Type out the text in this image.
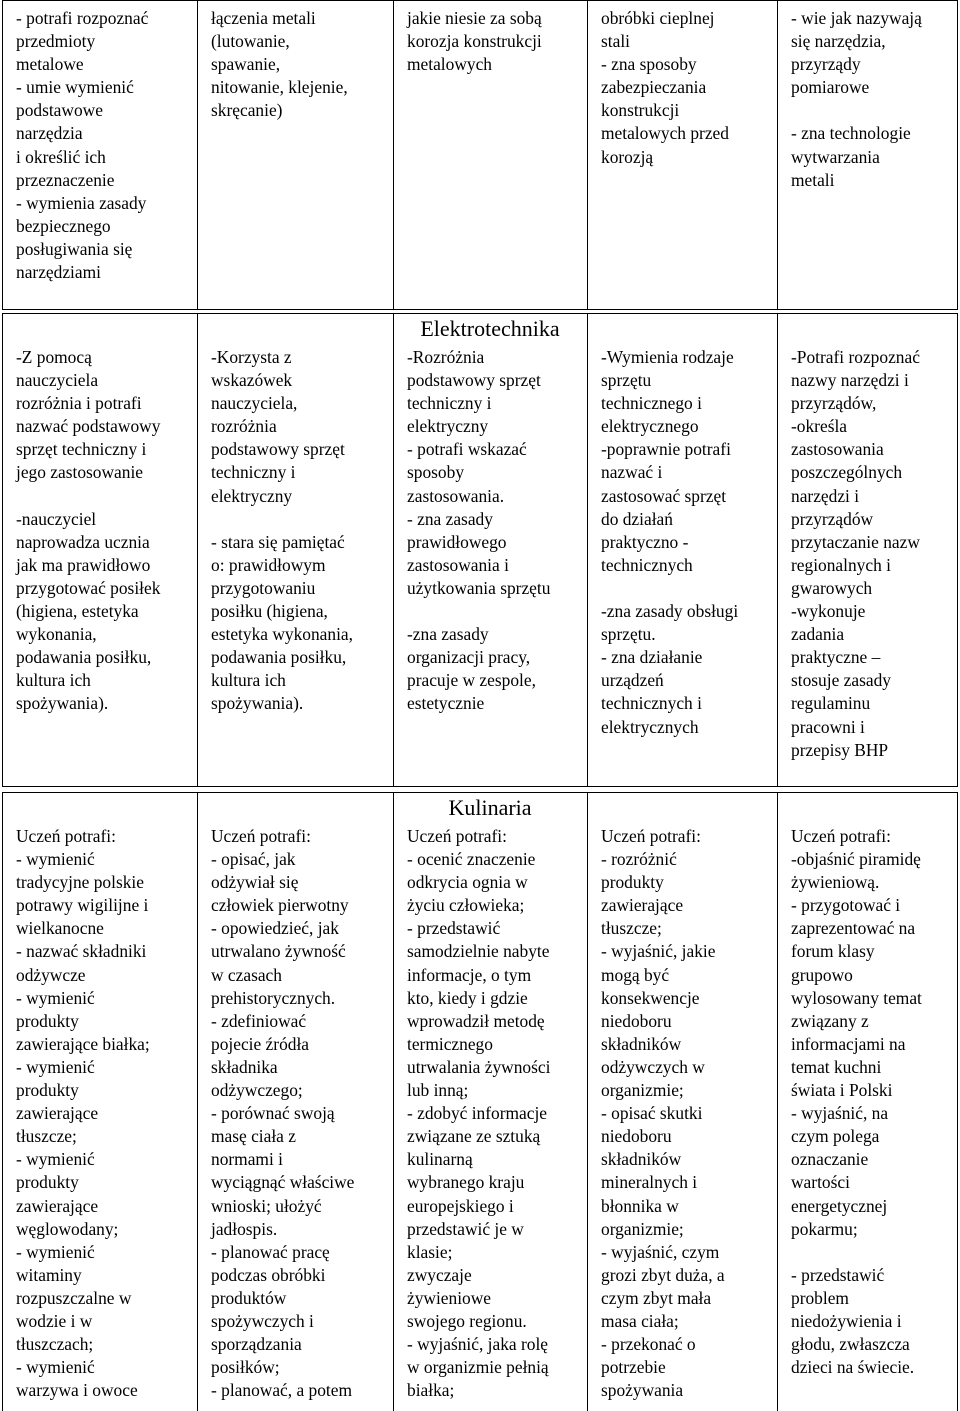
- potrafi rozpoznać
przedmioty
metalowe
- umie wymienić
podstawowe
narzędzia
i określić ich
przeznaczenie
- wymienia zasady
bezpiecznego
posługiwania się
narzędziami
łączenia metali
(lutowanie,
spawanie,
nitowanie, klejenie,
skręcanie)
jakie niesie za sobą
korozja konstrukcji
metalowych
obróbki cieplnej
stali
- zna sposoby
zabezpieczania
konstrukcji
metalowych przed
korozją
- wie jak nazywają
się narzędzia,
przyrządy
pomiarowe

- zna technologie
wytwarzania
metali
Elektrotechnika
-Z pomocą
nauczyciela
rozróżnia i potrafi
nazwać podstawowy
sprzęt techniczny i
jego zastosowanie

-nauczyciel
naprowadza ucznia
jak ma prawidłowo
przygotować posiłek
(higiena, estetyka
wykonania,
podawania posiłku,
kultura ich
spożywania).
-Korzysta z
wskazówek
nauczyciela,
rozróżnia
podstawowy sprzęt
techniczny i
elektryczny

- stara się pamiętać
o: prawidłowym
przygotowaniu
posiłku (higiena,
estetyka wykonania,
podawania posiłku,
kultura ich
spożywania).
-Rozróżnia
podstawowy sprzęt
techniczny i
elektryczny
- potrafi wskazać
sposoby
zastosowania.
- zna zasady
prawidłowego
zastosowania i
użytkowania sprzętu

-zna zasady
organizacji pracy,
pracuje w zespole,
estetycznie
-Wymienia rodzaje
sprzętu
technicznego i
elektrycznego
-poprawnie potrafi
nazwać i
zastosować sprzęt
do działań
praktyczno -
technicznych

-zna zasady obsługi
sprzętu.
- zna działanie
urządzeń
technicznych i
elektrycznych
-Potrafi rozpoznać
nazwy narzędzi i
przyrządów,
-określa
zastosowania
poszczególnych
narzędzi i
przyrządów
przytaczanie nazw
regionalnych i
gwarowych
-wykonuje
zadania
praktyczne –
stosuje zasady
regulaminu
pracowni i
przepisy BHP
Kulinaria
Uczeń potrafi:
- wymienić
tradycyjne polskie
potrawy wigilijne i
wielkanocne
- nazwać składniki
odżywcze
- wymienić
produkty
zawierające białka;
- wymienić
produkty
zawierające
tłuszcze;
- wymienić
produkty
zawierające
węglowodany;
- wymienić
witaminy
rozpuszczalne w
wodzie i w
tłuszczach;
- wymienić
warzywa i owoce
Uczeń potrafi:
- opisać, jak
odżywiał się
człowiek pierwotny
- opowiedzieć, jak
utrwalano żywność
w czasach
prehistorycznych.
- zdefiniować
pojecie źródła
składnika
odżywczego;
- porównać swoją
masę ciała z
normami i
wyciągnąć właściwe
wnioski; ułożyć
jadłospis.
- planować pracę
podczas obróbki
produktów
spożywczych i
sporządzania
posiłków;
- planować, a potem
Uczeń potrafi:
- ocenić znaczenie
odkrycia ognia w
życiu człowieka;
- przedstawić
samodzielnie nabyte
informacje, o tym
kto, kiedy i gdzie
wprowadził metodę
termicznego
utrwalania żywności
lub inną;
- zdobyć informacje
związane ze sztuką
kulinarną
wybranego kraju
europejskiego i
przedstawić je w
klasie;
zwyczaje
żywieniowe
swojego regionu.
- wyjaśnić, jaka rolę
w organizmie pełnią
białka;
Uczeń potrafi:
- rozróżnić
produkty
zawierające
tłuszcze;
- wyjaśnić, jakie
mogą być
konsekwencje
niedoboru
składników
odżywczych w
organizmie;
- opisać skutki
niedoboru
składników
mineralnych i
błonnika w
organizmie;
- wyjaśnić, czym
grozi zbyt duża, a
czym zbyt mała
masa ciała;
- przekonać o
potrzebie
spożywania
Uczeń potrafi:
-objaśnić piramidę
żywieniową.
- przygotować i
zaprezentować na
forum klasy
grupowo
wylosowany temat
związany z
informacjami na
temat kuchni
świata i Polski
- wyjaśnić, na
czym polega
oznaczanie
wartości
energetycznej
pokarmu;

- przedstawić
problem
niedożywienia i
głodu, zwłaszcza
dzieci na świecie.
